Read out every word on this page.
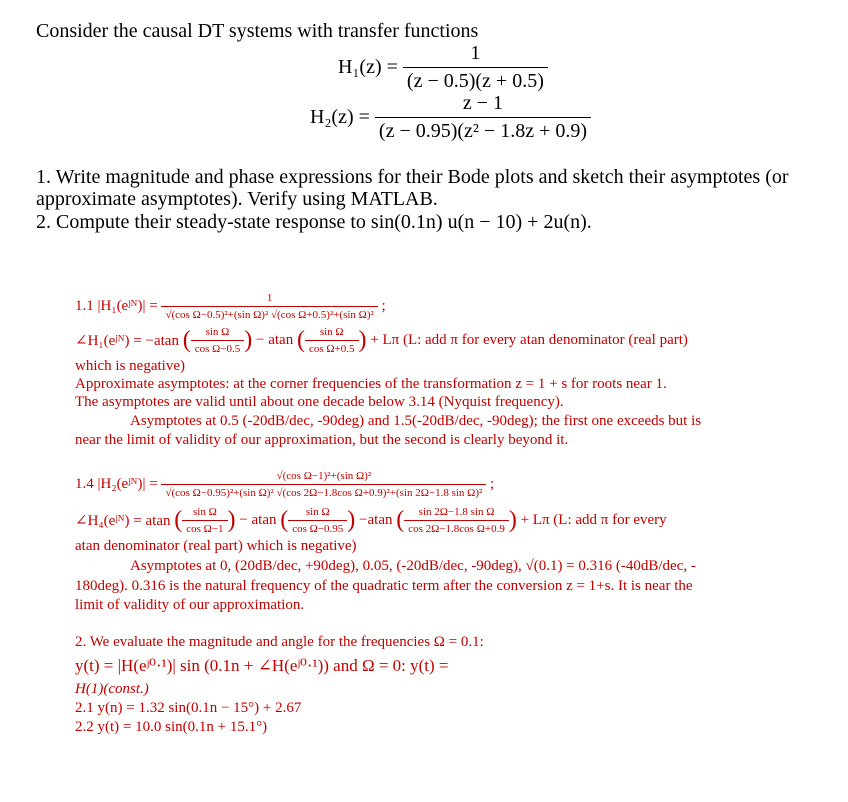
Consider the causal DT systems with transfer functions
$H_1(z) = \frac{1}{(z - 0.5)(z + 0.5)}$
$H_2(z) = \frac{z - 1}{\text{(z − 0.95)(z² − 1.8z + 0.9)}}$
1. Write magnitude and phase expressions for their Bode plots and sketch their asymptotes (or
approximate asymptotes). Verify using MATLAB.
2. Compute their steady-state response to sin(0.1n) u(n − 10) + 2u(n).
1.1 |H₁(eʲᴺ)| = $\frac{1}{\text{√(cos Ω−0.5)²+(sin Ω)² √(cos Ω+0.5)²+(sin Ω)²}}$ ;
∠H₁(eʲᴺ) = −atan ( $\frac{\text{sin Ω}}{\text{cos Ω−0.5}}$ ) − atan ( $\frac{\text{sin Ω}}{\text{cos Ω+0.5}}$ ) + Lπ (L: add π for every atan denominator (real part)
which is negative)
Approximate asymptotes: at the corner frequencies of the transformation z = 1 + s for roots near 1.
The asymptotes are valid until about one decade below 3.14 (Nyquist frequency).
Asymptotes at 0.5 (-20dB/dec, -90deg) and 1.5(-20dB/dec, -90deg); the first one exceeds but is
near the limit of validity of our approximation, but the second is clearly beyond it.
1.4 |H₂(eʲᴺ)| =	√(cos Ω−1)²+(sin Ω)²
√(cos Ω−0.95)²+(sin Ω)² √(cos 2Ω−1.8cos Ω+0.9)²+(sin 2Ω−1.8 sin Ω)²
;
∠H₄(eʲᴺ) = atan ( $\frac{\text{sin Ω}}{\text{cos Ω−1}}$ ) − atan ( $\frac{\text{sin Ω}}{\text{cos Ω−0.95}}$ ) −atan ( $\frac{\text{sin 2Ω−1.8 sin Ω}}{\text{cos 2Ω−1.8cos Ω+0.9}}$ ) + Lπ (L: add π for every
atan denominator (real part) which is negative)
Asymptotes at 0, (20dB/dec, +90deg), 0.05, (-20dB/dec, -90deg), √(0.1) = 0.316 (-40dB/dec, -
180deg). 0.316 is the natural frequency of the quadratic term after the conversion z = 1+s. It is near the
limit of validity of our approximation.
2. We evaluate the magnitude and angle for the frequencies Ω = 0.1:
y(t) = |H(eʲ⁰·¹)| sin (0.1n + ∠H(eʲ⁰·¹)) and Ω = 0: y(t) =
H(1)(const.)
2.1 y(n) = 1.32 sin(0.1n − 15°) + 2.67
2.2 y(t) = 10.0 sin(0.1n + 15.1°)
